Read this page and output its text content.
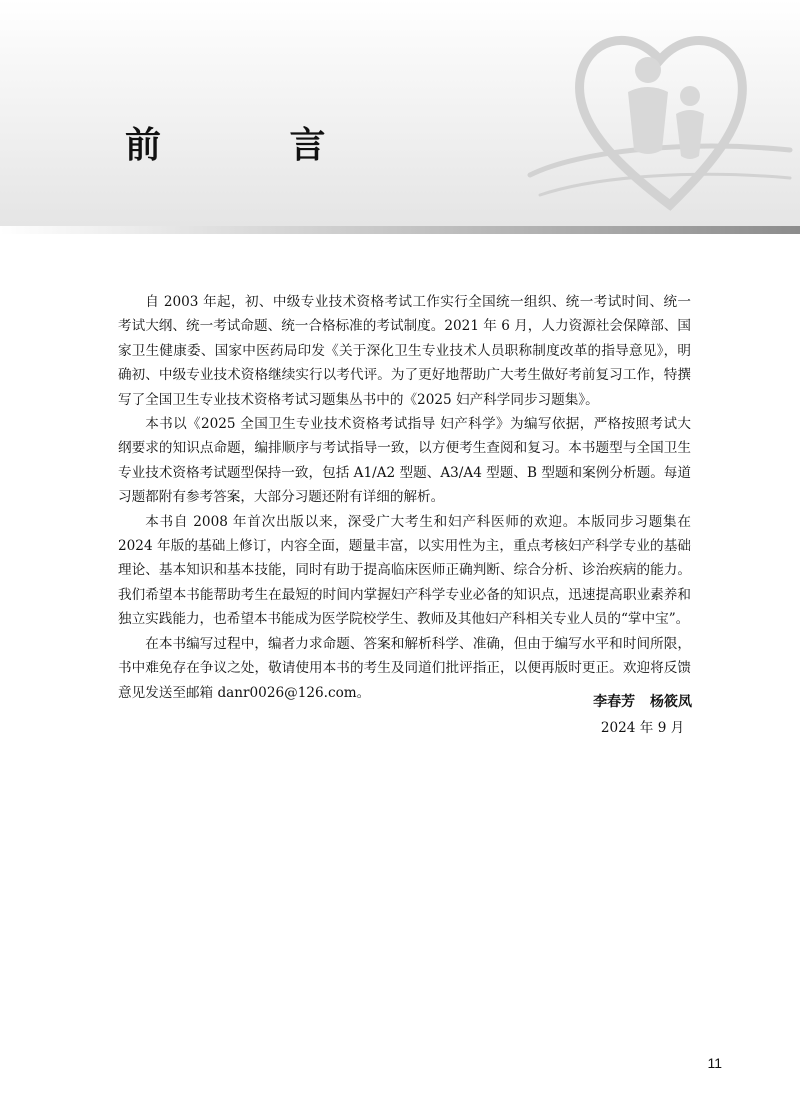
前 言

自 2003 年起，初、中级专业技术资格考试工作实行全国统一组织、统一考试时间、统一考试大纲、统一考试命题、统一合格标准的考试制度。2021 年 6 月，人力资源社会保障部、国家卫生健康委、国家中医药局印发《关于深化卫生专业技术人员职称制度改革的指导意见》，明确初、中级专业技术资格继续实行以考代评。为了更好地帮助广大考生做好考前复习工作，特撰写了全国卫生专业技术资格考试习题集丛书中的《2025 妇产科学同步习题集》。

本书以《2025 全国卫生专业技术资格考试指导 妇产科学》为编写依据，严格按照考试大纲要求的知识点命题，编排顺序与考试指导一致，以方便考生查阅和复习。本书题型与全国卫生专业技术资格考试题型保持一致，包括 A1/A2 型题、A3/A4 型题、B 型题和案例分析题。每道习题都附有参考答案，大部分习题还附有详细的解析。

本书自 2008 年首次出版以来，深受广大考生和妇产科医师的欢迎。本版同步习题集在 2024 年版的基础上修订，内容全面，题量丰富，以实用性为主，重点考核妇产科学专业的基础理论、基本知识和基本技能，同时有助于提高临床医师正确判断、综合分析、诊治疾病的能力。我们希望本书能帮助考生在最短的时间内掌握妇产科学专业必备的知识点，迅速提高职业素养和独立实践能力，也希望本书能成为医学院校学生、教师及其他妇产科相关专业人员的“掌中宝”。

在本书编写过程中，编者力求命题、答案和解析科学、准确，但由于编写水平和时间所限，书中难免存在争议之处，敬请使用本书的考生及同道们批评指正，以便再版时更正。欢迎将反馈意见发送至邮箱 danr0026@126.com。

李春芳 杨筱凤
2024 年 9 月
11
